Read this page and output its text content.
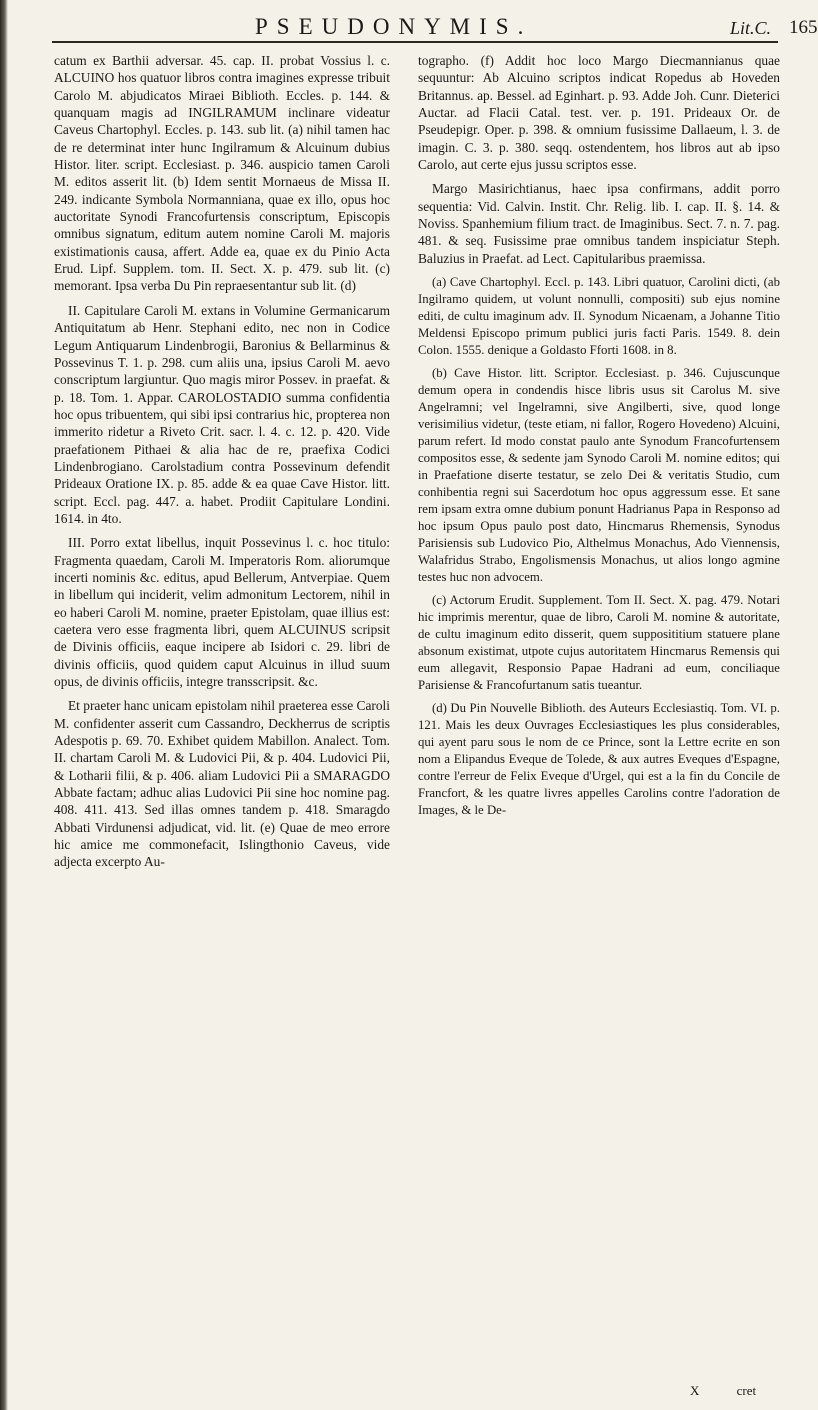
PSEUDONYMIS.	Lit.C. 165

catum ex Barthii adversar. 45. cap. II. probat Vossius l. c. ALCUINO hos quatuor libros contra imagines expresse tribuit Carolo M. abjudicatos Miraei Biblioth. Eccles. p. 144. & quanquam magis ad INGILRAMUM inclinare videatur Caveus Chartophyl. Eccles. p. 143. sub lit. (a) nihil tamen hac de re determinat inter hunc Ingilramum & Alcuinum dubius Histor. liter. script. Ecclesiast. p. 346. auspicio tamen Caroli M. editos asserit lit. (b) Idem sentit Mornaeus de Missa II. 249. indicante Symbola Normanniana, quae ex illo, opus hoc auctoritate Synodi Francofurtensis conscriptum, Episcopis omnibus signatum, editum autem nomine Caroli M. majoris existimationis causa, affert. Adde ea, quae ex du Pinio Acta Erud. Lipf. Supplem. tom. II. Sect. X. p. 479. sub lit. (c) memorant. Ipsa verba Du Pin repraesentantur sub lit. (d)

II. Capitulare Caroli M. extans in Volumine Germanicarum Antiquitatum ab Henr. Stephani edito, nec non in Codice Legum Antiquarum Lindenbrogii, Baronius & Bellarminus & Possevinus T. 1. p. 298. cum aliis una, ipsius Caroli M. aevo conscriptum largiuntur. Quo magis miror Possev. in praefat. & p. 18. Tom. 1. Appar. CAROLOSTADIO summa confidentia hoc opus tribuentem, qui sibi ipsi contrarius hic, propterea non immerito ridetur a Riveto Crit. sacr. l. 4. c. 12. p. 420. Vide praefationem Pithaei & alia hac de re, praefixa Codici Lindenbrogiano. Carolstadium contra Possevinum defendit Prideaux Oratione IX. p. 85. adde & ea quae Cave Histor. litt. script. Eccl. pag. 447. a. habet. Prodiit Capitulare Londini. 1614. in 4to.

III. Porro extat libellus, inquit Possevinus l. c. hoc titulo: Fragmenta quaedam, Caroli M. Imperatoris Rom. aliorumque incerti nominis &c. editus, apud Bellerum, Antverpiae. Quem in libellum qui inciderit, velim admonitum Lectorem, nihil in eo haberi Caroli M. nomine, praeter Epistolam, quae illius est: caetera vero esse fragmenta libri, quem ALCUINUS scripsit de Divinis officiis, eaque incipere ab Isidori c. 29. libri de divinis officiis, quod quidem caput Alcuinus in illud suum opus, de divinis officiis, integre transscripsit. &c.

Et praeter hanc unicam epistolam nihil praeterea esse Caroli M. confidenter asserit cum Cassandro, Deckherrus de scriptis Adespotis p. 69. 70. Exhibet quidem Mabillon. Analect. Tom. II. chartam Caroli M. & Ludovici Pii, & p. 404. Ludovici Pii, & Lotharii filii, & p. 406. aliam Ludovici Pii a SMARAGDO Abbate factam; adhuc alias Ludovici Pii sine hoc nomine pag. 408. 411. 413. Sed illas omnes tandem p. 418. Smaragdo Abbati Virdunensi adjudicat, vid. lit. (e) Quae de meo errore hic amice me commonefacit, Islingthonio Caveus, vide adjecta excerpto Au-

tographo. (f) Addit hoc loco Margo Diecmannianus quae sequuntur: Ab Alcuino scriptos indicat Ropedus ab Hoveden Britannus. ap. Bessel. ad Eginhart. p. 93. Adde Joh. Cunr. Dieterici Auctar. ad Flacii Catal. test. ver. p. 191. Prideaux Or. de Pseudepigr. Oper. p. 398. & omnium fusissime Dallaeum, l. 3. de imagin. C. 3. p. 380. seqq. ostendentem, hos libros aut ab ipso Carolo, aut certe ejus jussu scriptos esse.

Margo Masirichtianus, haec ipsa confirmans, addit porro sequentia: Vid. Calvin. Instit. Chr. Relig. lib. I. cap. II. §. 14. & Noviss. Spanhemium filium tract. de Imaginibus. Sect. 7. n. 7. pag. 481. & seq. Fusissime prae omnibus tandem inspiciatur Steph. Baluzius in Praefat. ad Lect. Capitularibus praemissa.

(a) Cave Chartophyl. Eccl. p. 143. Libri quatuor, Carolini dicti, (ab Ingilramo quidem, ut volunt nonnulli, compositi) sub ejus nomine editi, de cultu imaginum adv. II. Synodum Nicaenam, a Johanne Titio Meldensi Episcopo primum publici juris facti Paris. 1549. 8. dein Colon. 1555. denique a Goldasto Fforti 1608. in 8.

(b) Cave Histor. litt. Scriptor. Ecclesiast. p. 346. Cujuscunque demum opera in condendis hisce libris usus sit Carolus M. sive Angelramni; vel Ingelramni, sive Angilberti, sive, quod longe verisimilius videtur, (teste etiam, ni fallor, Rogero Hovedeno) Alcuini, parum refert. Id modo constat paulo ante Synodum Francofurtensem compositos esse, & sedente jam Synodo Caroli M. nomine editos; qui in Praefatione diserte testatur, se zelo Dei & veritatis Studio, cum conhibentia regni sui Sacerdotum hoc opus aggressum esse. Et sane rem ipsam extra omne dubium ponunt Hadrianus Papa in Responso ad hoc ipsum Opus paulo post dato, Hincmarus Rhemensis, Synodus Parisiensis sub Ludovico Pio, Althelmus Monachus, Ado Viennensis, Walafridus Strabo, Engolismensis Monachus, ut alios longo agmine testes huc non advocem.

(c) Actorum Erudit. Supplement. Tom II. Sect. X. pag. 479. Notari hic imprimis merentur, quae de libro, Caroli M. nomine & autoritate, de cultu imaginum edito disserit, quem supposititium statuere plane absonum existimat, utpote cujus autoritatem Hincmarus Remensis qui eum allegavit, Responsio Papae Hadrani ad eum, conciliaque Parisiense & Francofurtanum satis tueantur.

(d) Du Pin Nouvelle Biblioth. des Auteurs Ecclesiastiq. Tom. VI. p. 121. Mais les deux Ouvrages Ecclesiastiques les plus considerables, qui ayent paru sous le nom de ce Prince, sont la Lettre ecrite en son nom a Elipandus Eveque de Tolede, & aux autres Eveques d'Espagne, contre l'erreur de Felix Eveque d'Urgel, qui est a la fin du Concile de Francfort, & les quatre livres appelles Carolins contre l'adoration de Images, & le De-

X	cret
